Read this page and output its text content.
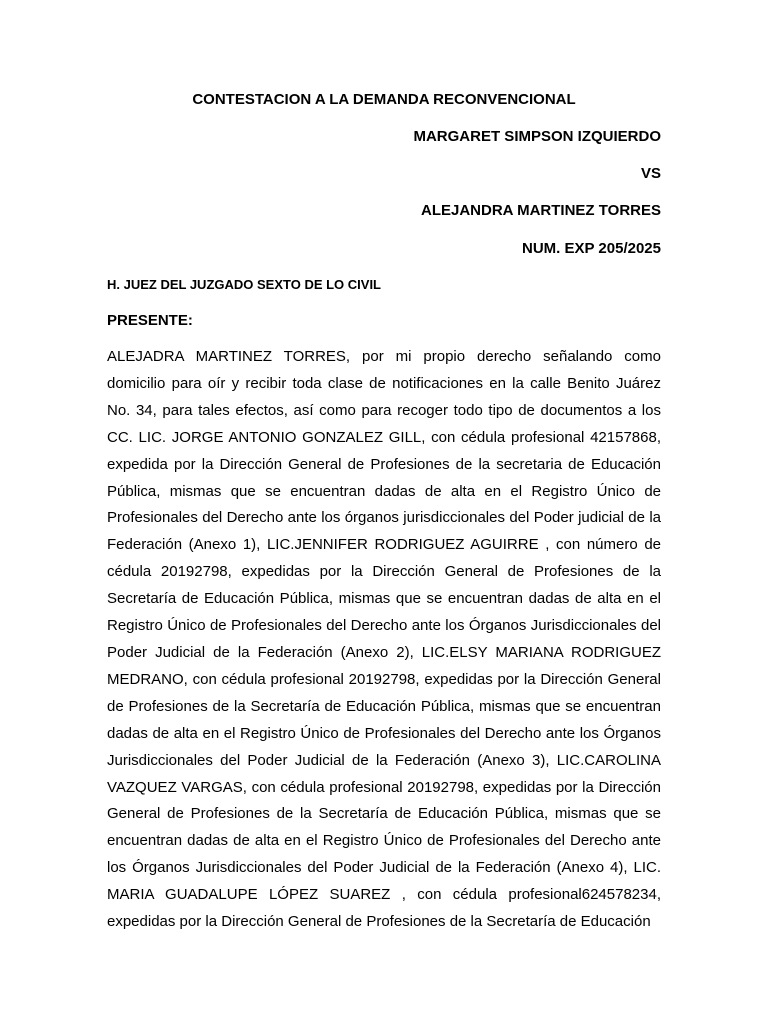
CONTESTACION A LA DEMANDA RECONVENCIONAL

MARGARET SIMPSON IZQUIERDO

VS

ALEJANDRA MARTINEZ TORRES

NUM. EXP 205/2025

H. JUEZ DEL JUZGADO SEXTO DE LO CIVIL

PRESENTE:

ALEJADRA MARTINEZ TORRES, por mi propio derecho señalando como domicilio para oír y recibir toda clase de notificaciones en la calle Benito Juárez No. 34, para tales efectos, así como para recoger todo tipo de documentos a los CC. LIC. JORGE ANTONIO GONZALEZ GILL, con cédula profesional 42157868, expedida por la Dirección General de Profesiones de la secretaria de Educación Pública, mismas que se encuentran dadas de alta en el Registro Único de Profesionales del Derecho ante los órganos jurisdiccionales del Poder judicial de la Federación (Anexo 1), LIC.JENNIFER RODRIGUEZ AGUIRRE , con número de cédula 20192798, expedidas por la Dirección General de Profesiones de la Secretaría de Educación Pública, mismas que se encuentran dadas de alta en el Registro Único de Profesionales del Derecho ante los Órganos Jurisdiccionales del Poder Judicial de la Federación (Anexo 2), LIC.ELSY MARIANA RODRIGUEZ MEDRANO, con cédula profesional 20192798, expedidas por la Dirección General de Profesiones de la Secretaría de Educación Pública, mismas que se encuentran dadas de alta en el Registro Único de Profesionales del Derecho ante los Órganos Jurisdiccionales del Poder Judicial de la Federación (Anexo 3), LIC.CAROLINA VAZQUEZ VARGAS, con cédula profesional 20192798, expedidas por la Dirección General de Profesiones de la Secretaría de Educación Pública, mismas que se encuentran dadas de alta en el Registro Único de Profesionales del Derecho ante los Órganos Jurisdiccionales del Poder Judicial de la Federación (Anexo 4), LIC. MARIA GUADALUPE LÓPEZ SUAREZ , con cédula profesional624578234, expedidas por la Dirección General de Profesiones de la Secretaría de Educación
